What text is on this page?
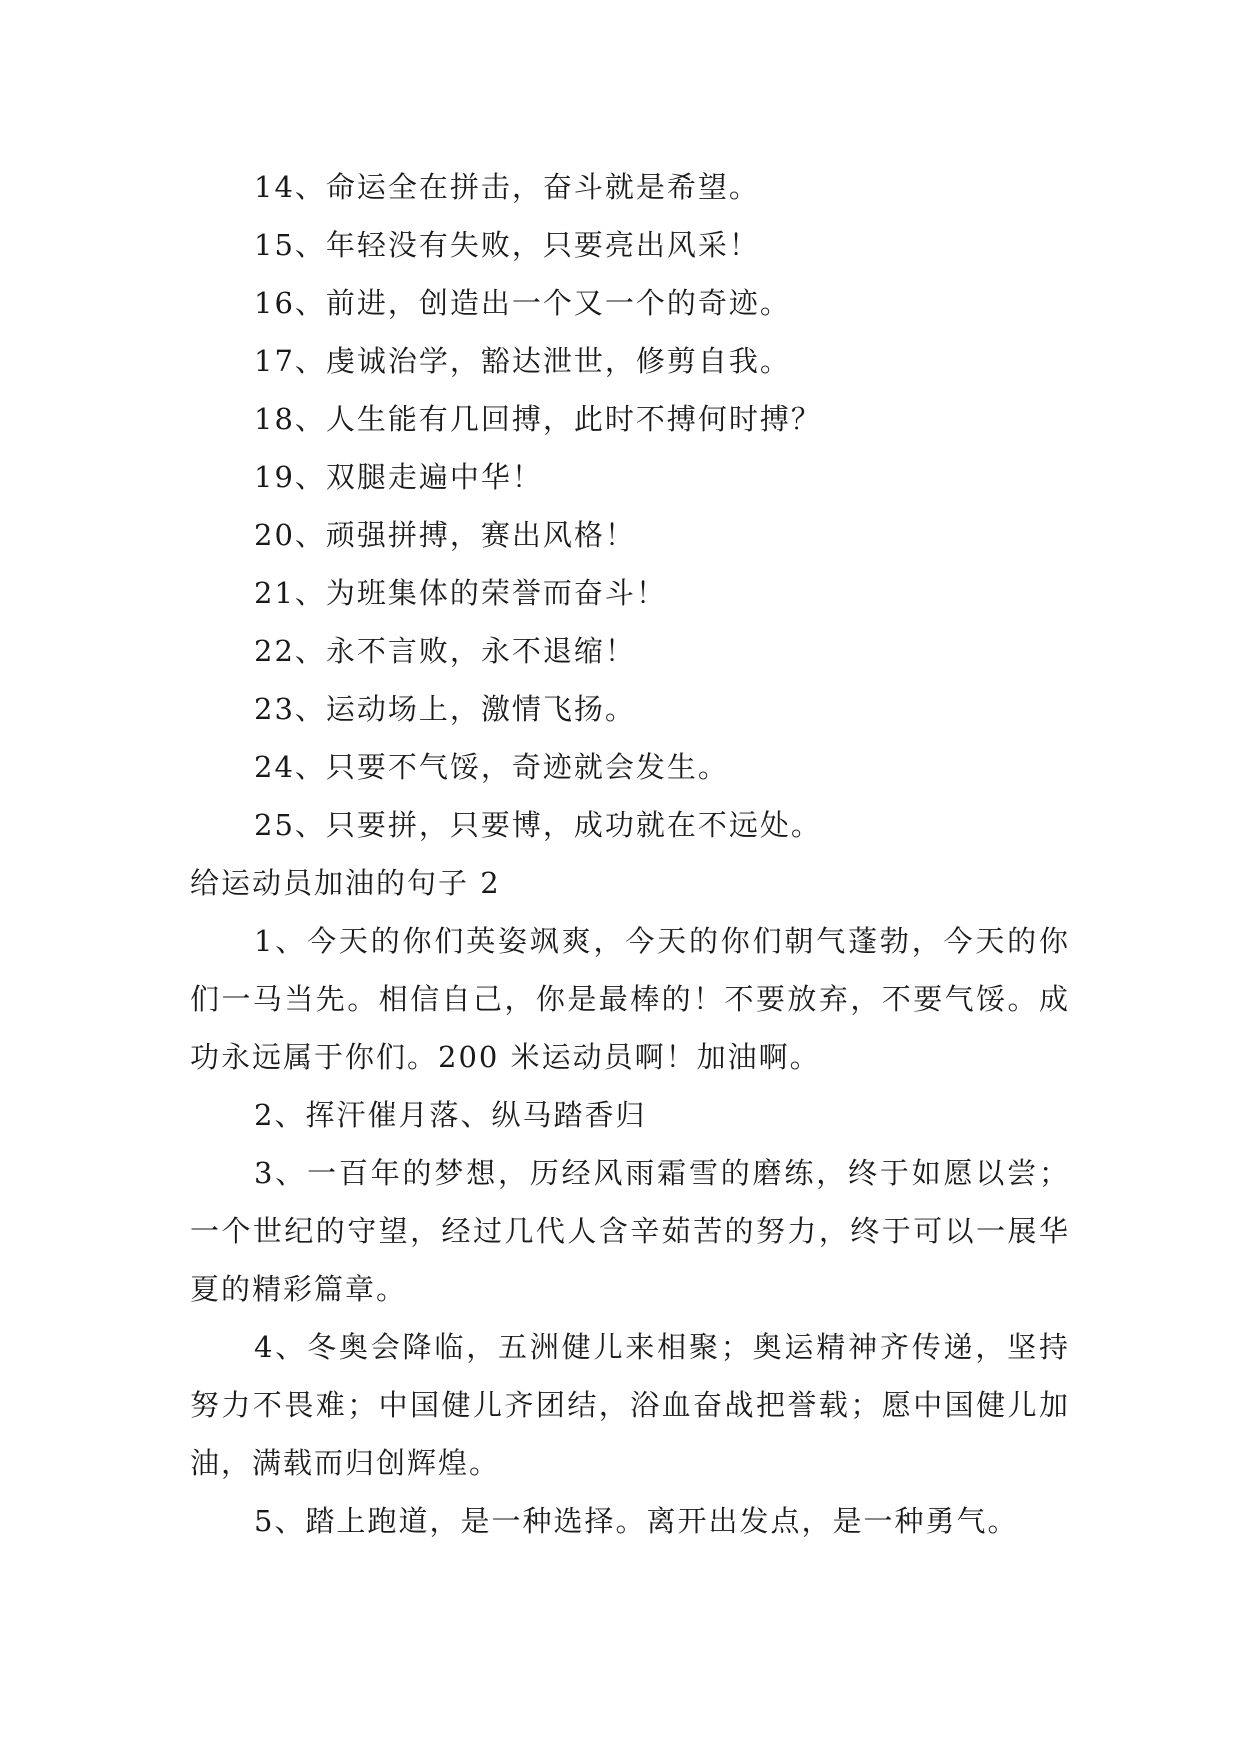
14、命运全在拼击，奋斗就是希望。

15、年轻没有失败，只要亮出风采！

16、前进，创造出一个又一个的奇迹。

17、虔诚治学，豁达泄世，修剪自我。

18、人生能有几回搏，此时不搏何时搏？

19、双腿走遍中华！

20、顽强拼搏，赛出风格！

21、为班集体的荣誉而奋斗！

22、永不言败，永不退缩！

23、运动场上，激情飞扬。

24、只要不气馁，奇迹就会发生。

25、只要拼，只要博，成功就在不远处。

给运动员加油的句子 2

1、今天的你们英姿飒爽，今天的你们朝气蓬勃，今天的你们一马当先。相信自己，你是最棒的！不要放弃，不要气馁。成功永远属于你们。200 米运动员啊！加油啊。

2、挥汗催月落、纵马踏香归

3、一百年的梦想，历经风雨霜雪的磨练，终于如愿以尝；一个世纪的守望，经过几代人含辛茹苦的努力，终于可以一展华夏的精彩篇章。

4、冬奥会降临，五洲健儿来相聚；奥运精神齐传递，坚持努力不畏难；中国健儿齐团结，浴血奋战把誉载；愿中国健儿加油，满载而归创辉煌。

5、踏上跑道，是一种选择。离开出发点，是一种勇气。
